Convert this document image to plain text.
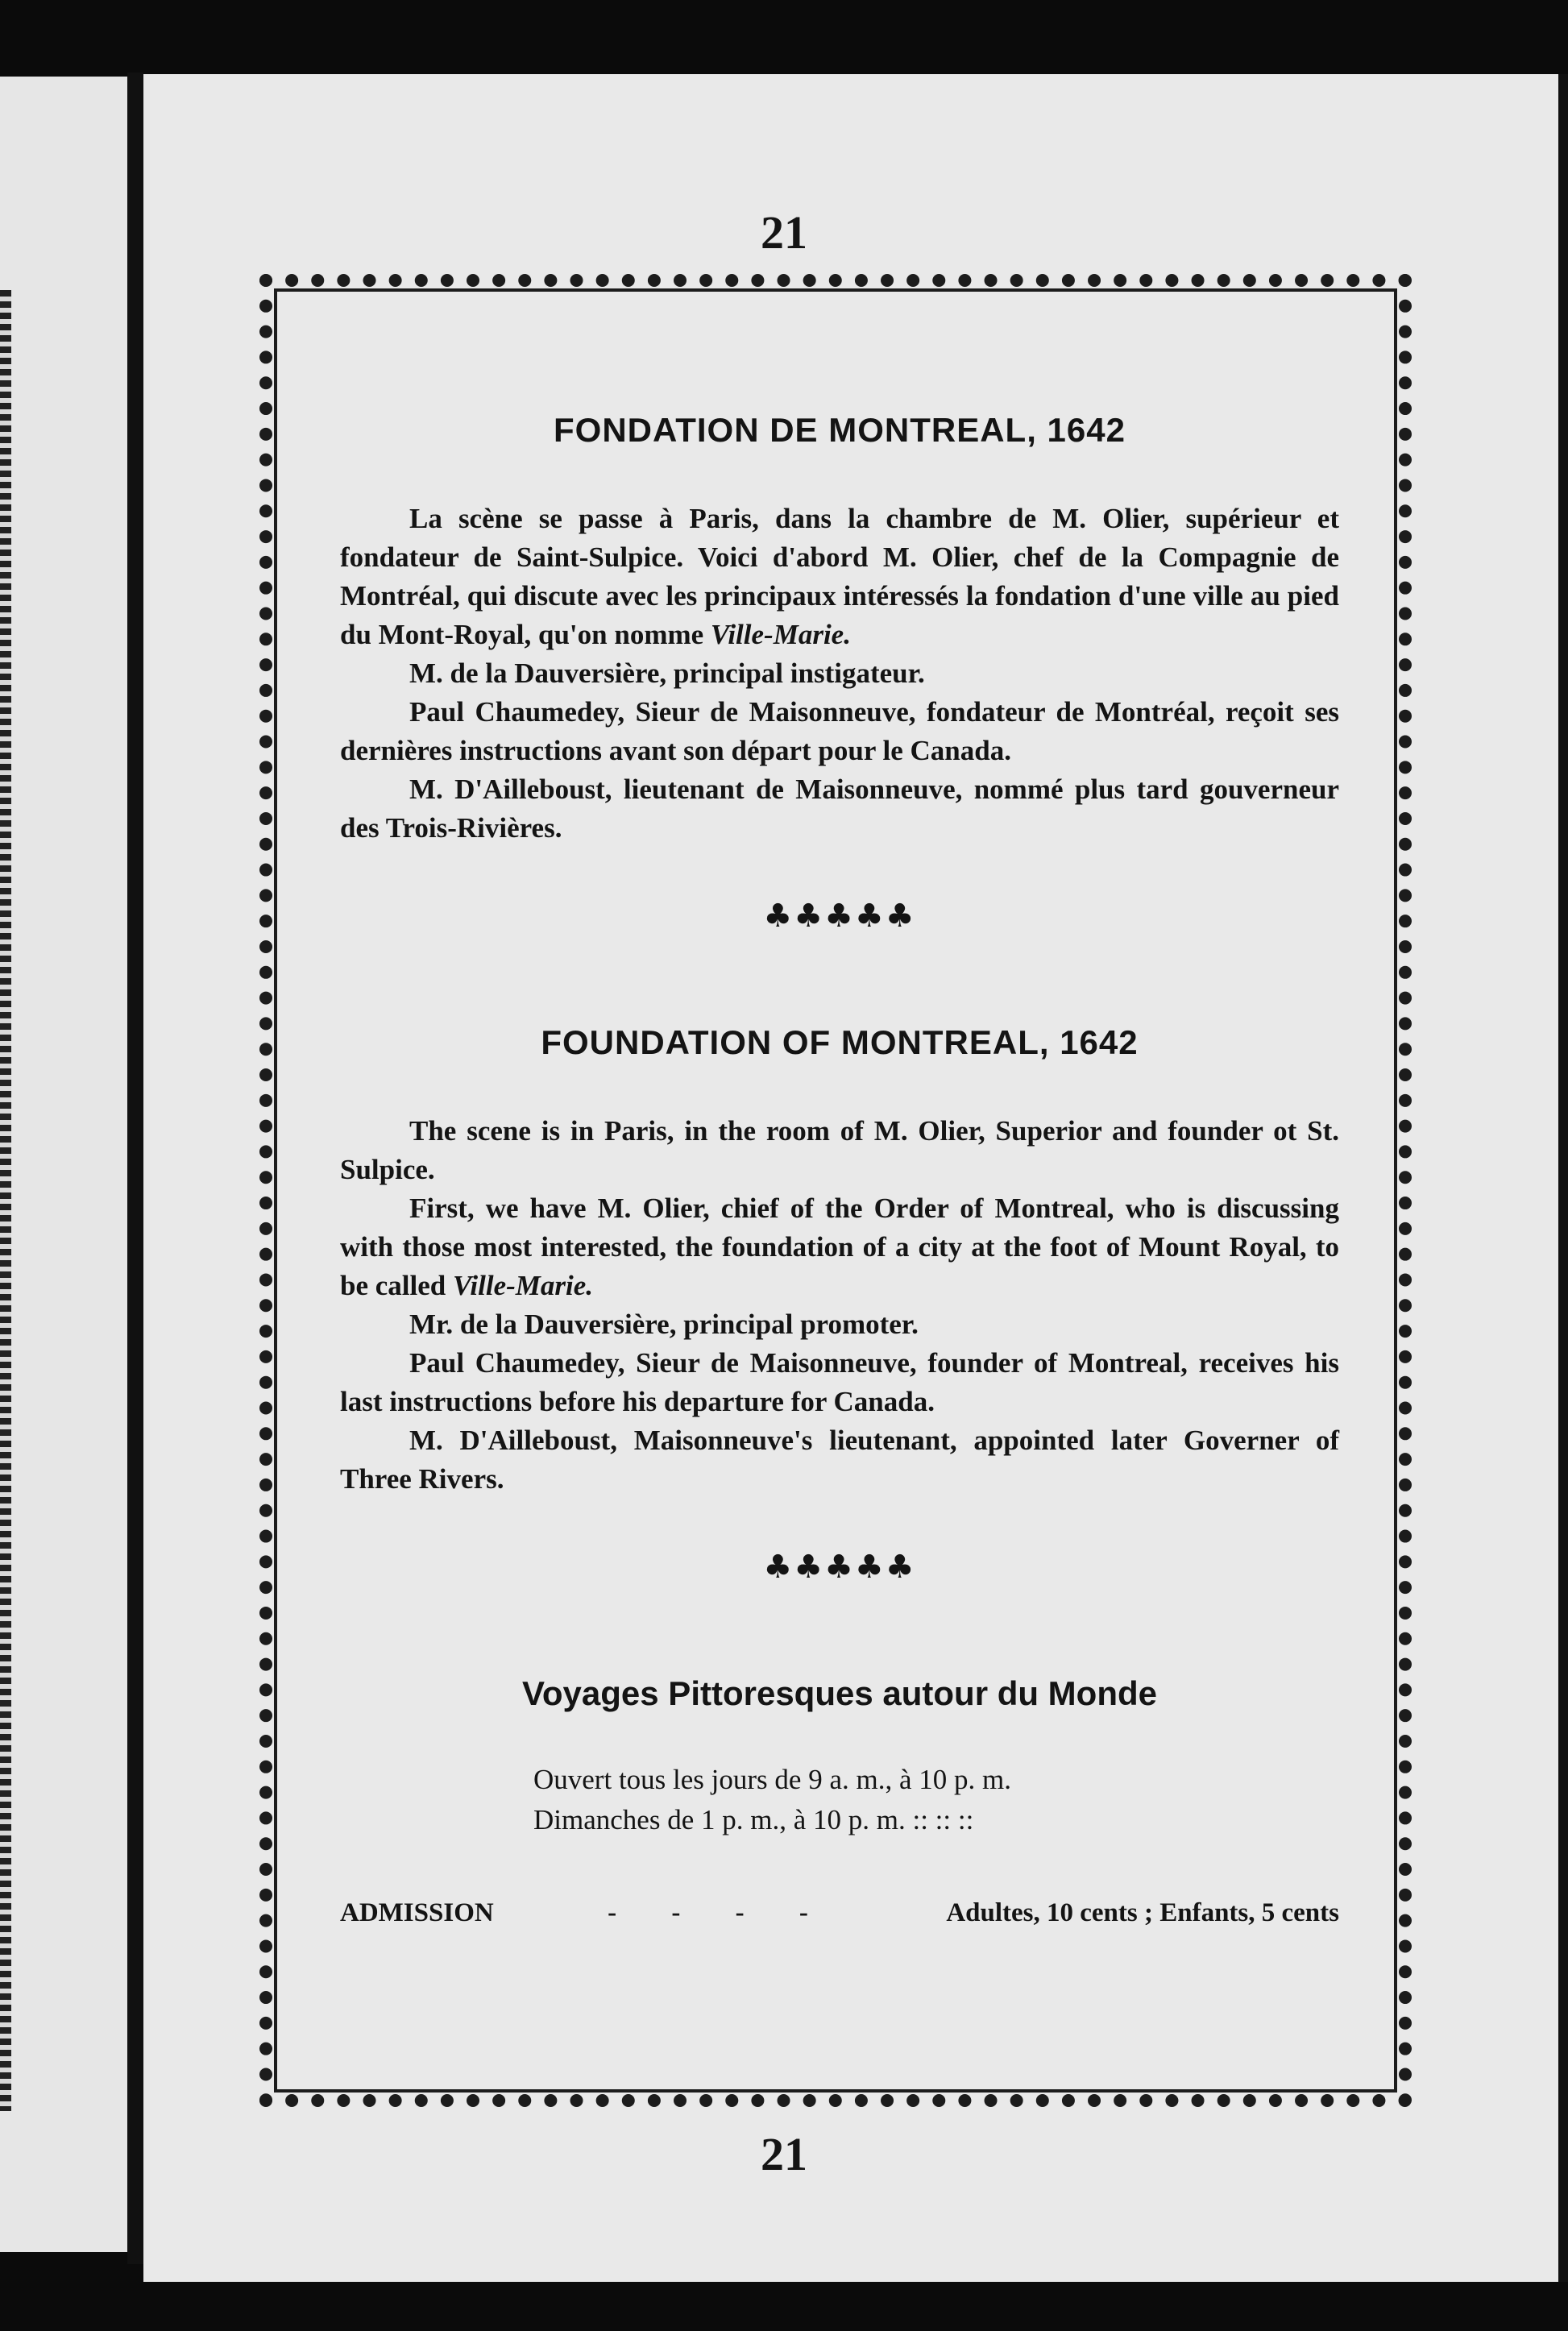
21
FONDATION DE MONTREAL, 1642

La scène se passe à Paris, dans la chambre de M. Olier, supérieur et fondateur de Saint-Sulpice. Voici d'abord M. Olier, chef de la Compagnie de Montréal, qui discute avec les principaux intéressés la fondation d'une ville au pied du Mont-Royal, qu'on nomme Ville-Marie.

M. de la Dauversière, principal instigateur.

Paul Chaumedey, Sieur de Maisonneuve, fondateur de Montréal, reçoit ses dernières instructions avant son départ pour le Canada.

M. D'Ailleboust, lieutenant de Maisonneuve, nommé plus tard gouverneur des Trois-Rivières.

♣♣♣♣♣
FOUNDATION OF MONTREAL, 1642

The scene is in Paris, in the room of M. Olier, Superior and founder ot St. Sulpice.

First, we have M. Olier, chief of the Order of Montreal, who is discussing with those most interested, the foundation of a city at the foot of Mount Royal, to be called Ville-Marie.

Mr. de la Dauversière, principal promoter.

Paul Chaumedey, Sieur de Maisonneuve, founder of Montreal, receives his last instructions before his departure for Canada.

M. D'Ailleboust, Maisonneuve's lieutenant, appointed later Governer of Three Rivers.

♣♣♣♣♣
Voyages Pittoresques autour du Monde
Ouvert tous les jours de 9 a. m., à 10 p. m.
Dimanches de 1 p. m., à 10 p. m. :: :: ::
ADMISSION	- - - -	Adultes, 10 cents ; Enfants, 5 cents
21
